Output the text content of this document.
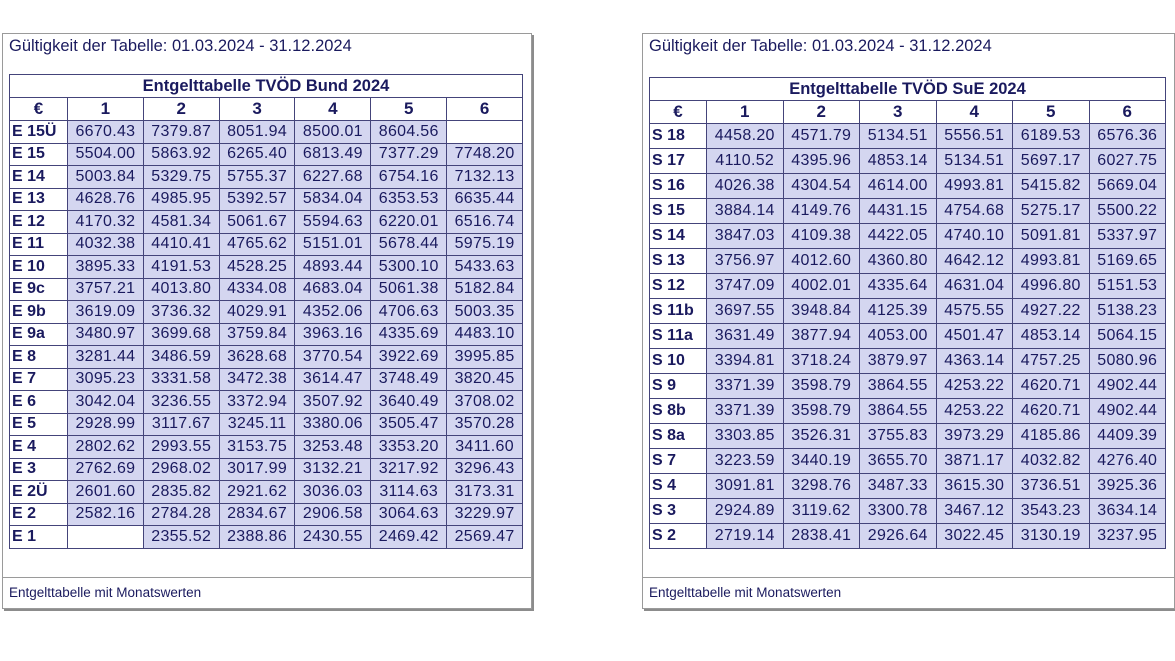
Gültigkeit der Tabelle: 01.03.2024 - 31.12.2024
Entgelttabelle TVÖD Bund 2024						
€	1	2	3	4	5	6
E 15Ü	6670.43	7379.87	8051.94	8500.01	8604.56	
E 15	5504.00	5863.92	6265.40	6813.49	7377.29	7748.20
E 14	5003.84	5329.75	5755.37	6227.68	6754.16	7132.13
E 13	4628.76	4985.95	5392.57	5834.04	6353.53	6635.44
E 12	4170.32	4581.34	5061.67	5594.63	6220.01	6516.74
E 11	4032.38	4410.41	4765.62	5151.01	5678.44	5975.19
E 10	3895.33	4191.53	4528.25	4893.44	5300.10	5433.63
E 9c	3757.21	4013.80	4334.08	4683.04	5061.38	5182.84
E 9b	3619.09	3736.32	4029.91	4352.06	4706.63	5003.35
E 9a	3480.97	3699.68	3759.84	3963.16	4335.69	4483.10
E 8	3281.44	3486.59	3628.68	3770.54	3922.69	3995.85
E 7	3095.23	3331.58	3472.38	3614.47	3748.49	3820.45
E 6	3042.04	3236.55	3372.94	3507.92	3640.49	3708.02
E 5	2928.99	3117.67	3245.11	3380.06	3505.47	3570.28
E 4	2802.62	2993.55	3153.75	3253.48	3353.20	3411.60
E 3	2762.69	2968.02	3017.99	3132.21	3217.92	3296.43
E 2Ü	2601.60	2835.82	2921.62	3036.03	3114.63	3173.31
E 2	2582.16	2784.28	2834.67	2906.58	3064.63	3229.97
E 1		2355.52	2388.86	2430.55	2469.42	2569.47
Entgelttabelle mit Monatswerten
Gültigkeit der Tabelle: 01.03.2024 - 31.12.2024
Entgelttabelle TVÖD SuE 2024						
€	1	2	3	4	5	6
S 18	4458.20	4571.79	5134.51	5556.51	6189.53	6576.36
S 17	4110.52	4395.96	4853.14	5134.51	5697.17	6027.75
S 16	4026.38	4304.54	4614.00	4993.81	5415.82	5669.04
S 15	3884.14	4149.76	4431.15	4754.68	5275.17	5500.22
S 14	3847.03	4109.38	4422.05	4740.10	5091.81	5337.97
S 13	3756.97	4012.60	4360.80	4642.12	4993.81	5169.65
S 12	3747.09	4002.01	4335.64	4631.04	4996.80	5151.53
S 11b	3697.55	3948.84	4125.39	4575.55	4927.22	5138.23
S 11a	3631.49	3877.94	4053.00	4501.47	4853.14	5064.15
S 10	3394.81	3718.24	3879.97	4363.14	4757.25	5080.96
S 9	3371.39	3598.79	3864.55	4253.22	4620.71	4902.44
S 8b	3371.39	3598.79	3864.55	4253.22	4620.71	4902.44
S 8a	3303.85	3526.31	3755.83	3973.29	4185.86	4409.39
S 7	3223.59	3440.19	3655.70	3871.17	4032.82	4276.40
S 4	3091.81	3298.76	3487.33	3615.30	3736.51	3925.36
S 3	2924.89	3119.62	3300.78	3467.12	3543.23	3634.14
S 2	2719.14	2838.41	2926.64	3022.45	3130.19	3237.95
Entgelttabelle mit Monatswerten
